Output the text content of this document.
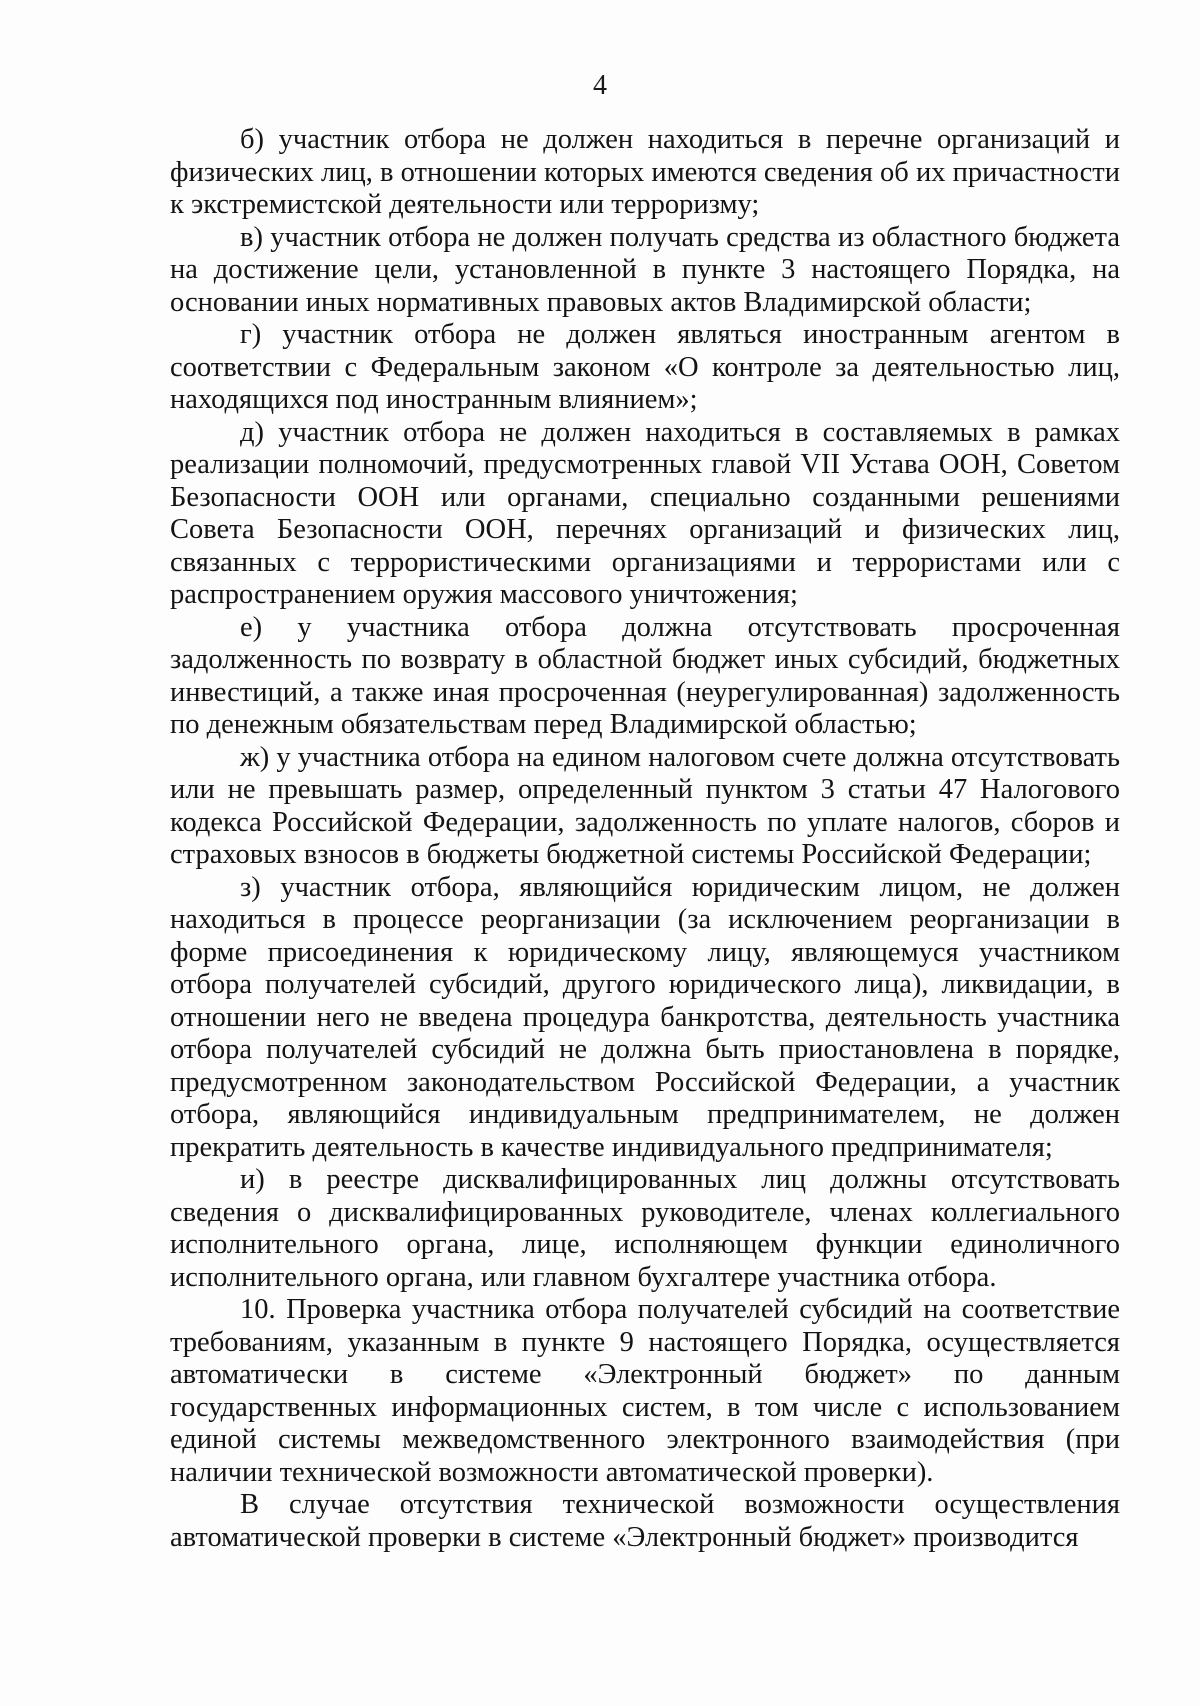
4

б) участник отбора не должен находиться в перечне организаций и физических лиц, в отношении которых имеются сведения об их причастности к экстремистской деятельности или терроризму;

в) участник отбора не должен получать средства из областного бюджета на достижение цели, установленной в пункте 3 настоящего Порядка, на основании иных нормативных правовых актов Владимирской области;

г) участник отбора не должен являться иностранным агентом в соответствии с Федеральным законом «О контроле за деятельностью лиц, находящихся под иностранным влиянием»;

д) участник отбора не должен находиться в составляемых в рамках реализации полномочий, предусмотренных главой VII Устава ООН, Советом Безопасности ООН или органами, специально созданными решениями Совета Безопасности ООН, перечнях организаций и физических лиц, связанных с террористическими организациями и террористами или с распространением оружия массового уничтожения;

е) у участника отбора должна отсутствовать просроченная задолженность по возврату в областной бюджет иных субсидий, бюджетных инвестиций, а также иная просроченная (неурегулированная) задолженность по денежным обязательствам перед Владимирской областью;

ж) у участника отбора на едином налоговом счете должна отсутствовать или не превышать размер, определенный пунктом 3 статьи 47 Налогового кодекса Российской Федерации, задолженность по уплате налогов, сборов и страховых взносов в бюджеты бюджетной системы Российской Федерации;

з) участник отбора, являющийся юридическим лицом, не должен находиться в процессе реорганизации (за исключением реорганизации в форме присоединения к юридическому лицу, являющемуся участником отбора получателей субсидий, другого юридического лица), ликвидации, в отношении него не введена процедура банкротства, деятельность участника отбора получателей субсидий не должна быть приостановлена в порядке, предусмотренном законодательством Российской Федерации, а участник отбора, являющийся индивидуальным предпринимателем, не должен прекратить деятельность в качестве индивидуального предпринимателя;

и) в реестре дисквалифицированных лиц должны отсутствовать сведения о дисквалифицированных руководителе, членах коллегиального исполнительного органа, лице, исполняющем функции единоличного исполнительного органа, или главном бухгалтере участника отбора.

10. Проверка участника отбора получателей субсидий на соответствие требованиям, указанным в пункте 9 настоящего Порядка, осуществляется автоматически в системе «Электронный бюджет» по данным государственных информационных систем, в том числе с использованием единой системы межведомственного электронного взаимодействия (при наличии технической возможности автоматической проверки).

В случае отсутствия технической возможности осуществления автоматической проверки в системе «Электронный бюджет» производится
